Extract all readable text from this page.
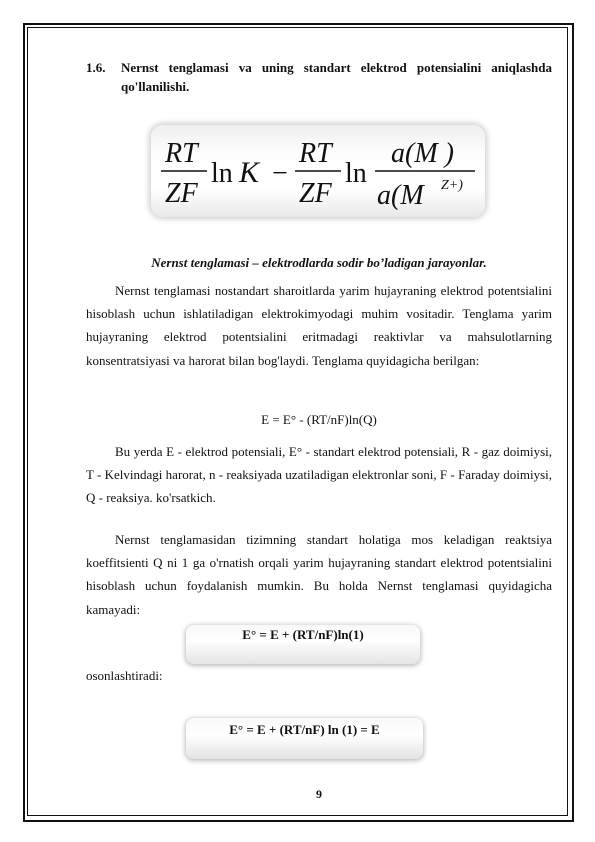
1.6. Nernst tenglamasi va uning standart elektrod potensialini aniqlashda qo'llanilishi.
RT
ZF
ln K −
RT
ZF
ln
a(M )
a(M Z+)
Nernst tenglamasi – elektrodlarda sodir bo’ladigan jarayonlar.
Nernst tenglamasi nostandart sharoitlarda yarim hujayraning elektrod potentsialini hisoblash uchun ishlatiladigan elektrokimyodagi muhim vositadir. Tenglama yarim hujayraning elektrod potentsialini eritmadagi reaktivlar va mahsulotlarning konsentratsiyasi va harorat bilan bog'laydi. Tenglama quyidagicha berilgan:
E = E° - (RT/nF)ln(Q)
Bu yerda E - elektrod potensiali, E° - standart elektrod potensiali, R - gaz doimiysi, T - Kelvindagi harorat, n - reaksiyada uzatiladigan elektronlar soni, F - Faraday doimiysi, Q - reaksiya. ko'rsatkich.
Nernst tenglamasidan tizimning standart holatiga mos keladigan reaktsiya koeffitsienti Q ni 1 ga o'rnatish orqali yarim hujayraning standart elektrod potentsialini hisoblash uchun foydalanish mumkin. Bu holda Nernst tenglamasi quyidagicha kamayadi:
E° = E + (RT/nF)ln(1)
osonlashtiradi:
E° = E + (RT/nF) ln (1) = E
9
